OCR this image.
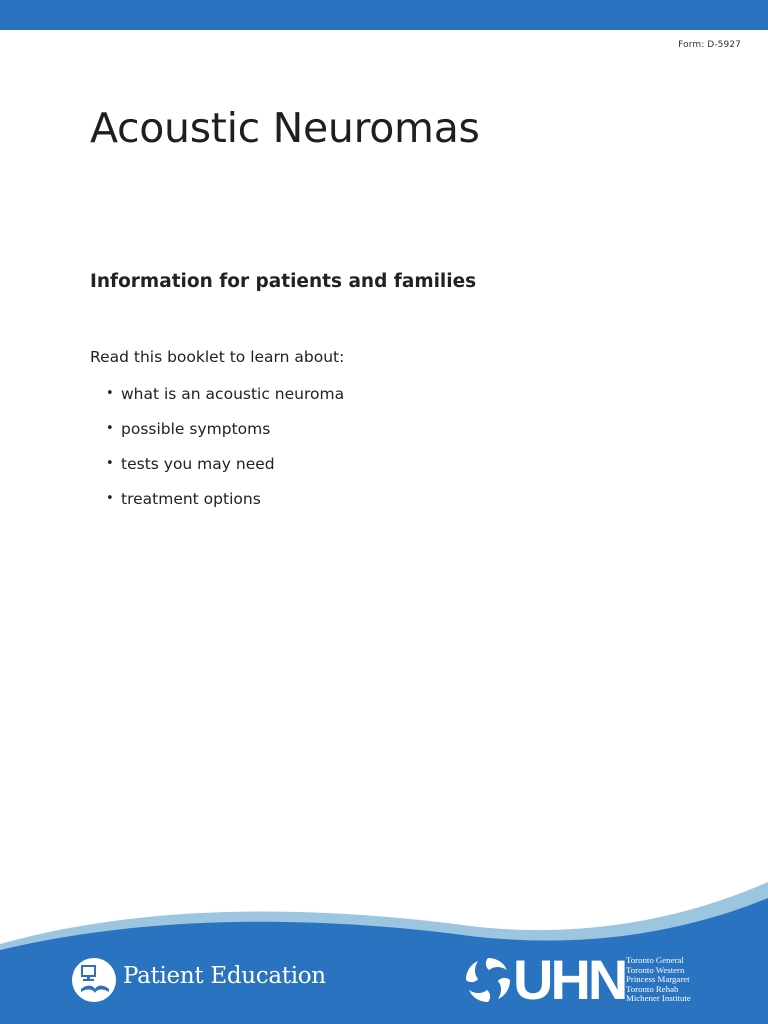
Form: D-5927
Acoustic Neuromas
Information for patients and families

Read this booklet to learn about:

• what is an acoustic neuroma
• possible symptoms
• tests you may need
• treatment options
Patient Education	UHN Toronto General
Toronto Western
Princess Margaret
Toronto Rehab
Michener Institute
